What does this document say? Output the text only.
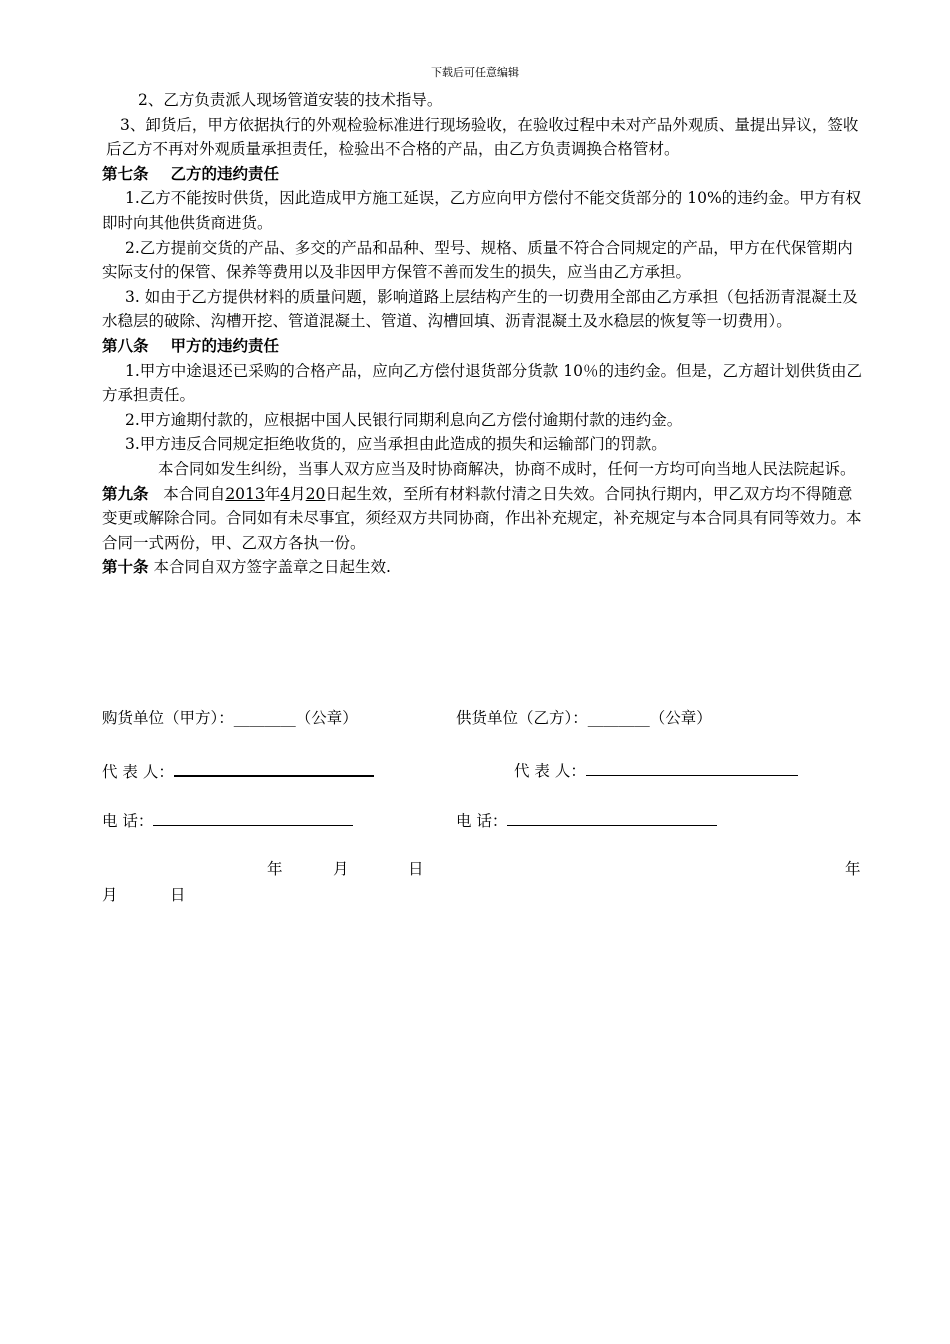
下载后可任意编辑

2、乙方负责派人现场管道安装的技术指导。

3、卸货后，甲方依据执行的外观检验标准进行现场验收，在验收过程中未对产品外观质、量提出异议，签收后乙方不再对外观质量承担责任，检验出不合格的产品，由乙方负责调换合格管材。

第七条 乙方的违约责任

1.乙方不能按时供货，因此造成甲方施工延误，乙方应向甲方偿付不能交货部分的 10%的违约金。甲方有权即时向其他供货商进货。

2.乙方提前交货的产品、多交的产品和品种、型号、规格、质量不符合合同规定的产品，甲方在代保管期内实际支付的保管、保养等费用以及非因甲方保管不善而发生的损失，应当由乙方承担。

3. 如由于乙方提供材料的质量问题，影响道路上层结构产生的一切费用全部由乙方承担（包括沥青混凝土及水稳层的破除、沟槽开挖、管道混凝土、管道、沟槽回填、沥青混凝土及水稳层的恢复等一切费用）。

第八条 甲方的违约责任

1.甲方中途退还已采购的合格产品，应向乙方偿付退货部分货款 10％的违约金。但是，乙方超计划供货由乙方承担责任。

2.甲方逾期付款的，应根据中国人民银行同期利息向乙方偿付逾期付款的违约金。

3.甲方违反合同规定拒绝收货的，应当承担由此造成的损失和运输部门的罚款。

本合同如发生纠纷，当事人双方应当及时协商解决，协商不成时，任何一方均可向当地人民法院起诉。

第九条 本合同自2013年4月20日起生效，至所有材料款付清之日失效。合同执行期内，甲乙双方均不得随意变更或解除合同。合同如有未尽事宜，须经双方共同协商，作出补充规定，补充规定与本合同具有同等效力。本合同一式两份，甲、乙双方各执一份。

第十条 本合同自双方签字盖章之日起生效.

购货单位（甲方）：________（公章）	供货单位（乙方）：________（公章）
代 表 人：	代 表 人：
电 话：	电 话：
年	月	日	年
月	日
